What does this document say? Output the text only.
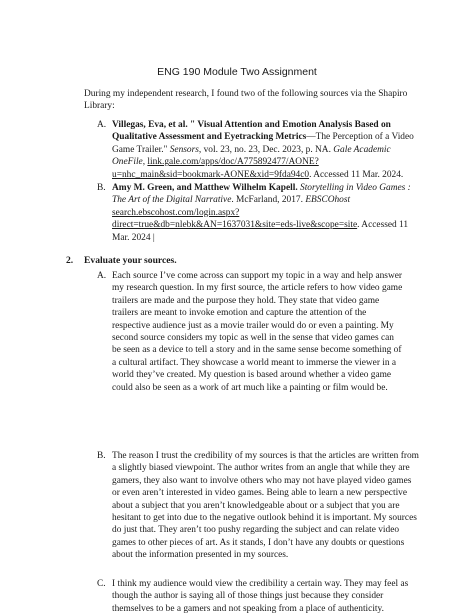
ENG 190 Module Two Assignment
During my independent research, I found two of the following sources via the Shapiro
Library:
A. Villegas, Eva, et al. " Visual Attention and Emotion Analysis Based on
Qualitative Assessment and Eyetracking Metrics—The Perception of a Video
Game Trailer." Sensors, vol. 23, no. 23, Dec. 2023, p. NA. Gale Academic
OneFile, link.gale.com/apps/doc/A775892477/AONE?
u=nhc_main&sid=bookmark-AONE&xid=9fda94c0. Accessed 11 Mar. 2024.
B. Amy M. Green, and Matthew Wilhelm Kapell. Storytelling in Video Games :
The Art of the Digital Narrative. McFarland, 2017. EBSCOhost
search.ebscohost.com/login.aspx?
direct=true&db=nlebk&AN=1637031&site=eds-live&scope=site. Accessed 11
Mar. 2024 |
2. Evaluate your sources.
A. Each source I’ve come across can support my topic in a way and help answer
my research question. In my first source, the article refers to how video game
trailers are made and the purpose they hold. They state that video game
trailers are meant to invoke emotion and capture the attention of the
respective audience just as a movie trailer would do or even a painting. My
second source considers my topic as well in the sense that video games can
be seen as a device to tell a story and in the same sense become something of
a cultural artifact. They showcase a world meant to immerse the viewer in a
world they’ve created. My question is based around whether a video game
could also be seen as a work of art much like a painting or film would be.
B. The reason I trust the credibility of my sources is that the articles are written from
a slightly biased viewpoint. The author writes from an angle that while they are
gamers, they also want to involve others who may not have played video games
or even aren’t interested in video games. Being able to learn a new perspective
about a subject that you aren’t knowledgeable about or a subject that you are
hesitant to get into due to the negative outlook behind it is important. My sources
do just that. They aren’t too pushy regarding the subject and can relate video
games to other pieces of art. As it stands, I don’t have any doubts or questions
about the information presented in my sources.
C. I think my audience would view the credibility a certain way. They may feel as
though the author is saying all of those things just because they consider
themselves to be a gamers and not speaking from a place of authenticity.
